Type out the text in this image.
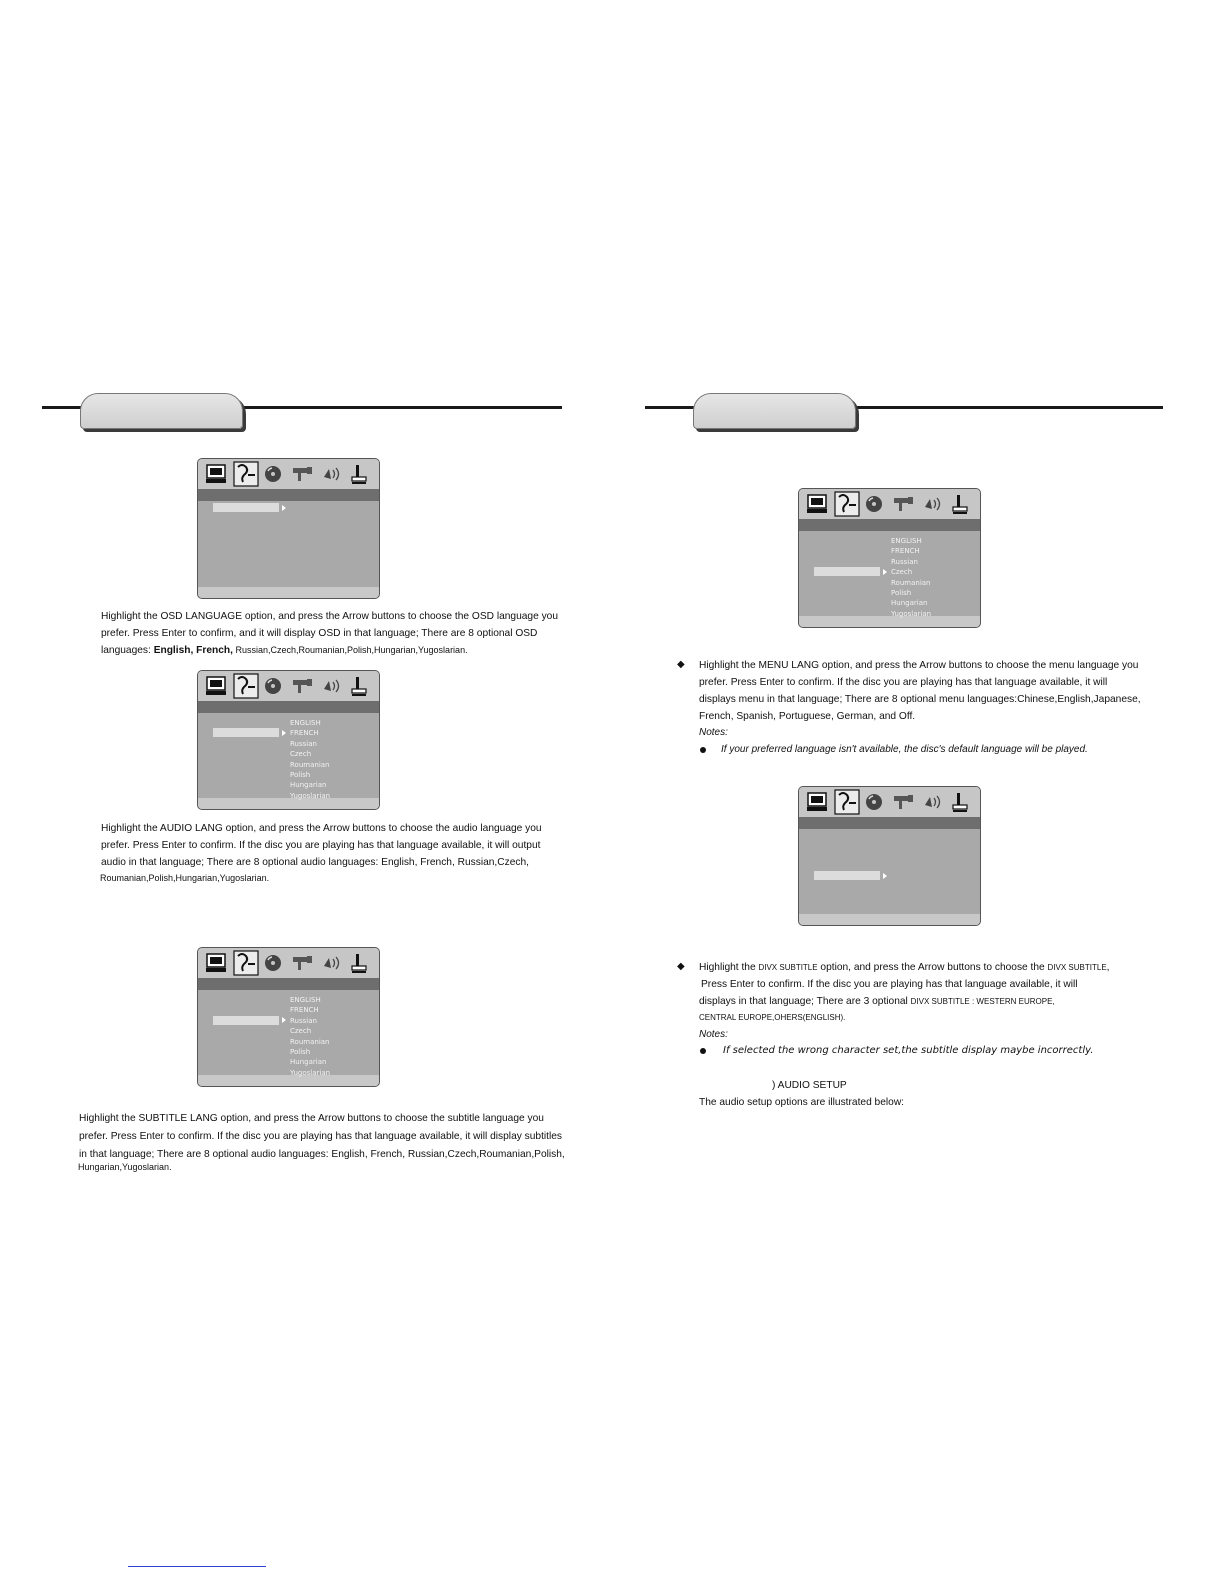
ENGLISH
FRENCH
Russian
Czech
Roumanian
Polish
Hungarian
Yugoslarian
ENGLISH
FRENCH
Russian
Czech
Roumanian
Polish
Hungarian
Yugoslarian
ENGLISH
FRENCH
Russian
Czech
Roumanian
Polish
Hungarian
Yugoslarian
Highlight the OSD LANGUAGE option, and press the Arrow buttons to choose the OSD language you
prefer. Press Enter to confirm, and it will display OSD in that language; There are 8 optional OSD
languages: English, French, Russian,Czech,Roumanian,Polish,Hungarian,Yugoslarian.
Highlight the AUDIO LANG option, and press the Arrow buttons to choose the audio language you
prefer. Press Enter to confirm. If the disc you are playing has that language available, it will output
audio in that language; There are 8 optional audio languages: English, French, Russian,Czech,
Roumanian,Polish,Hungarian,Yugoslarian.
Highlight the SUBTITLE LANG option, and press the Arrow buttons to choose the subtitle language you
prefer. Press Enter to confirm. If the disc you are playing has that language available, it will display subtitles
in that language; There are 8 optional audio languages: English, French, Russian,Czech,Roumanian,Polish,
Hungarian,Yugoslarian.
◆ Highlight the MENU LANG option, and press the Arrow buttons to choose the menu language you
prefer. Press Enter to confirm. If the disc you are playing has that language available, it will
displays menu in that language; There are 8 optional menu languages:Chinese,English,Japanese,
French, Spanish, Portuguese, German, and Off.
Notes:
If your preferred language isn't available, the disc's default language will be played.
◆ Highlight the DIVX SUBTITLE option, and press the Arrow buttons to choose the DIVX SUBTITLE,
Press Enter to confirm. If the disc you are playing has that language available, it will
displays in that language; There are 3 optional DIVX SUBTITLE : WESTERN EUROPE,
CENTRAL EUROPE,OHERS(ENGLISH).
Notes:
If selected the wrong character set,the subtitle display maybe incorrectly.
) AUDIO SETUP
The audio setup options are illustrated below:
